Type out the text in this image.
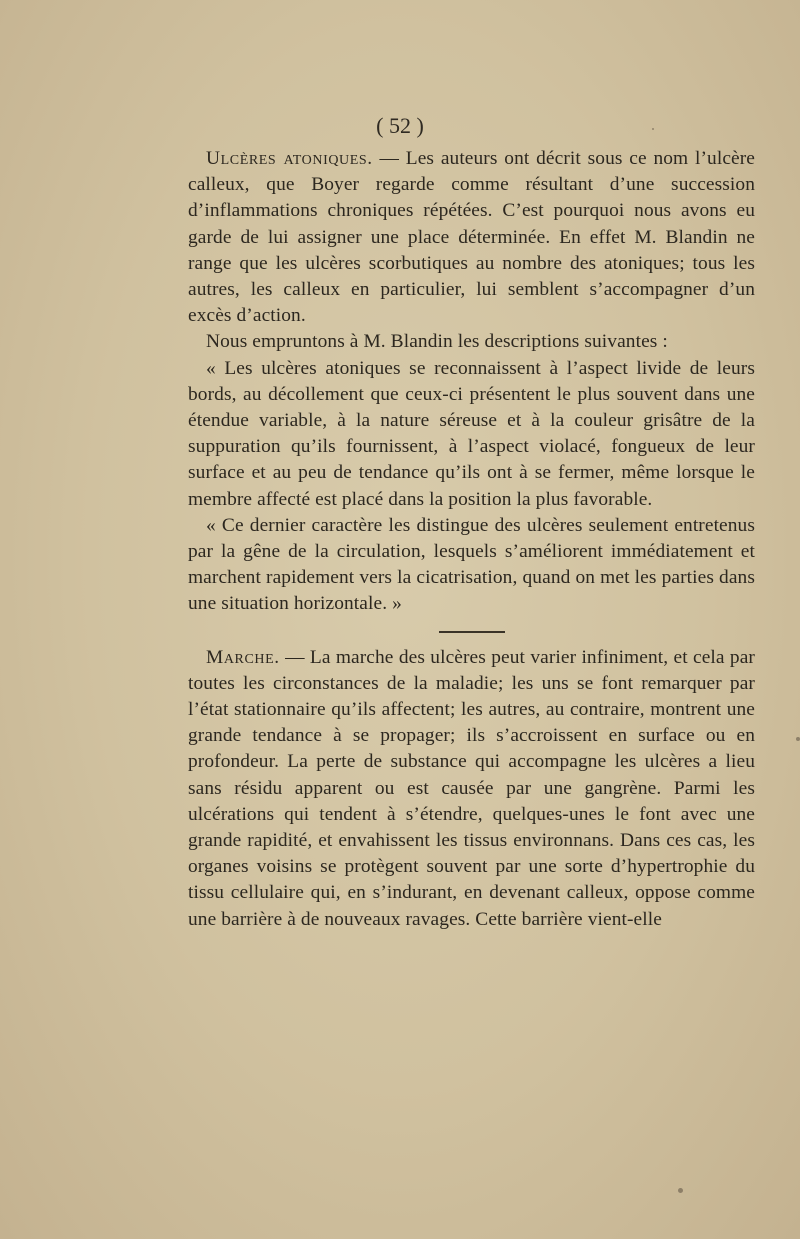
( 52 )

Ulcères atoniques. — Les auteurs ont décrit sous ce nom l’ulcère calleux, que Boyer regarde comme résultant d’une succession d’inflammations chroniques répétées. C’est pourquoi nous avons eu garde de lui assigner une place déterminée. En effet M. Blandin ne range que les ulcères scorbutiques au nombre des atoniques; tous les autres, les calleux en particulier, lui semblent s’accompagner d’un excès d’action.

Nous empruntons à M. Blandin les descriptions suivantes :

« Les ulcères atoniques se reconnaissent à l’aspect livide de leurs bords, au décollement que ceux-ci présentent le plus souvent dans une étendue variable, à la nature séreuse et à la couleur grisâtre de la suppuration qu’ils fournissent, à l’aspect violacé, fongueux de leur surface et au peu de tendance qu’ils ont à se fermer, même lorsque le membre affecté est placé dans la position la plus favorable.

« Ce dernier caractère les distingue des ulcères seulement entretenus par la gêne de la circulation, lesquels s’améliorent immédiatement et marchent rapidement vers la cicatrisation, quand on met les parties dans une situation horizontale. »

Marche. — La marche des ulcères peut varier infiniment, et cela par toutes les circonstances de la maladie; les uns se font remarquer par l’état stationnaire qu’ils affectent; les autres, au contraire, montrent une grande tendance à se propager; ils s’accroissent en surface ou en profondeur. La perte de substance qui accompagne les ulcères a lieu sans résidu apparent ou est causée par une gangrène. Parmi les ulcérations qui tendent à s’étendre, quelques-unes le font avec une grande rapidité, et envahissent les tissus environnans. Dans ces cas, les organes voisins se protègent souvent par une sorte d’hypertrophie du tissu cellulaire qui, en s’indurant, en devenant calleux, oppose comme une barrière à de nouveaux ravages. Cette barrière vient-elle
